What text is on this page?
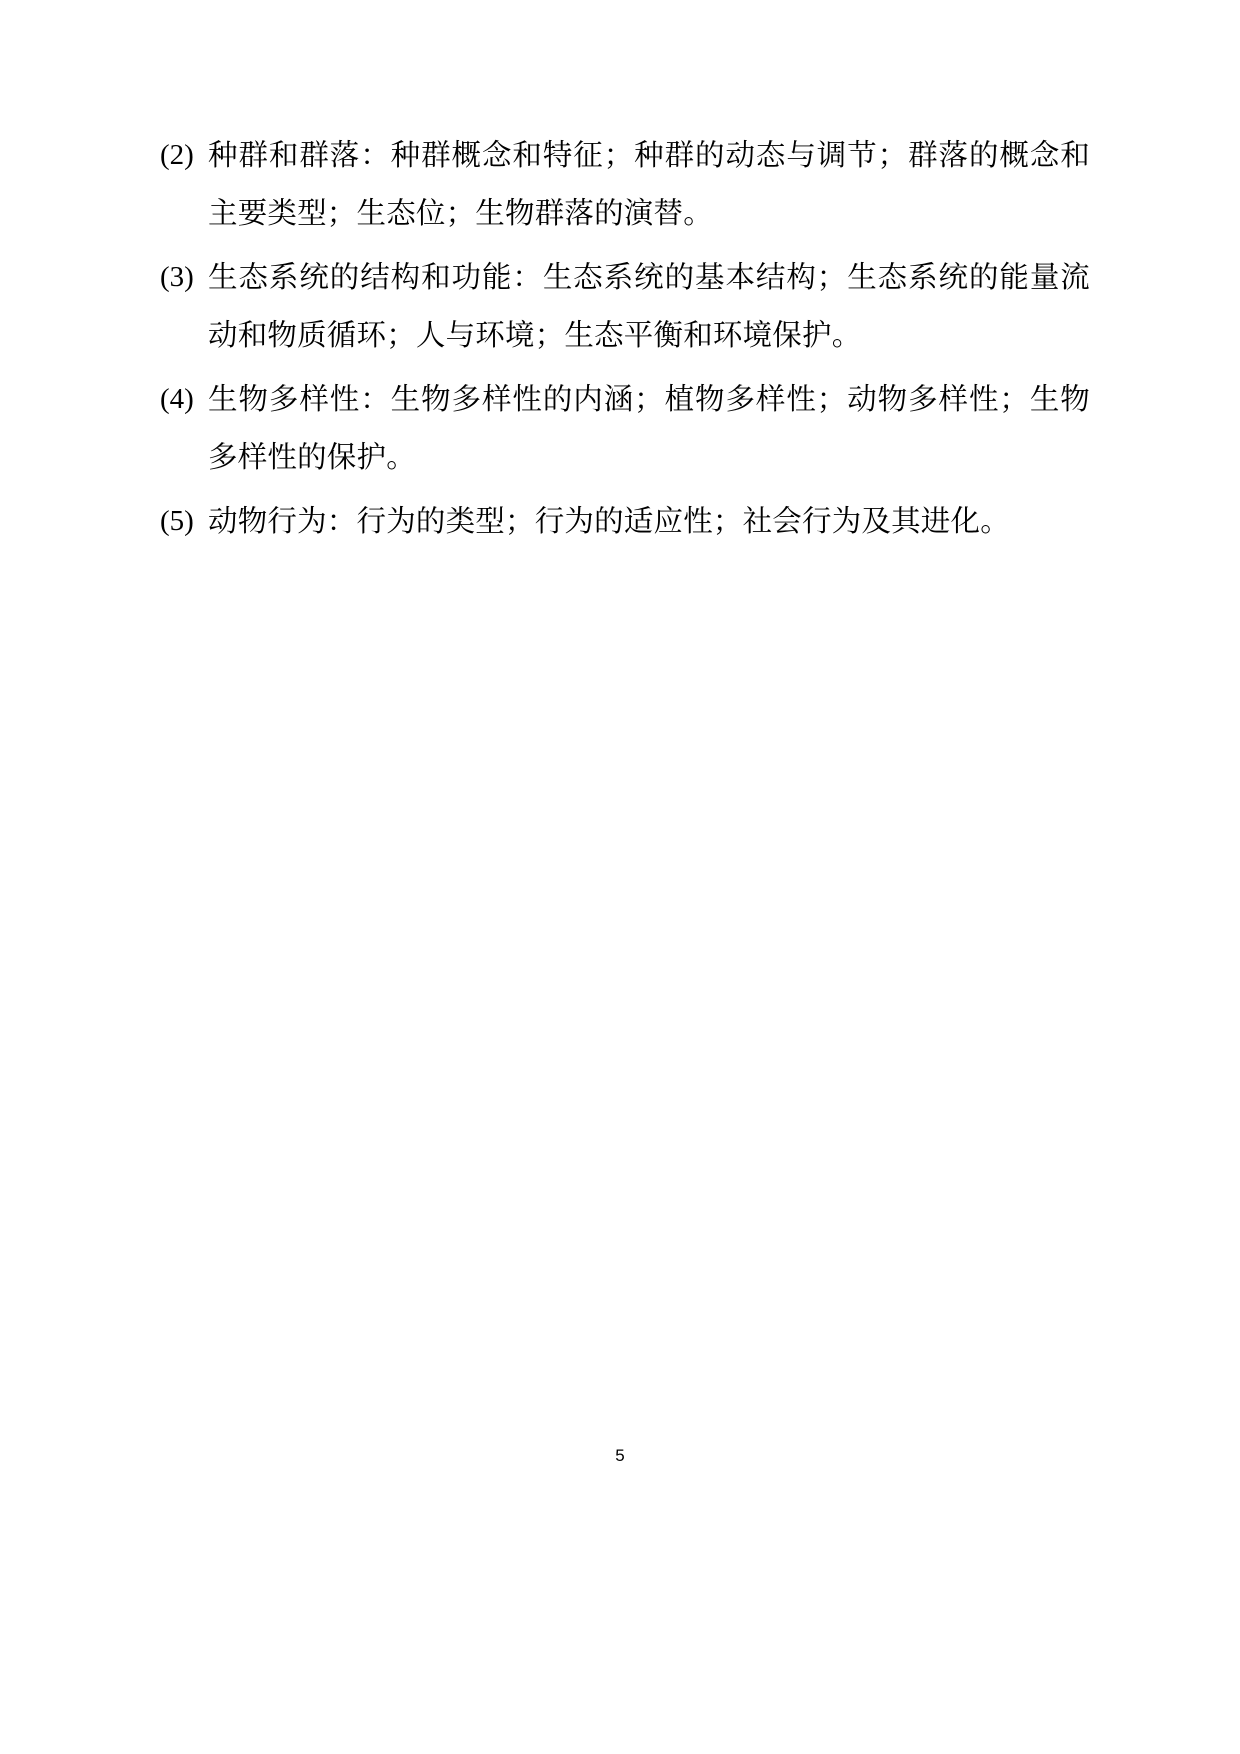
(2) 种群和群落：种群概念和特征；种群的动态与调节；群落的概念和主要类型；生态位；生物群落的演替。
(3) 生态系统的结构和功能：生态系统的基本结构；生态系统的能量流动和物质循环；人与环境；生态平衡和环境保护。
(4) 生物多样性：生物多样性的内涵；植物多样性；动物多样性；生物多样性的保护。
(5) 动物行为：行为的类型；行为的适应性；社会行为及其进化。
5
